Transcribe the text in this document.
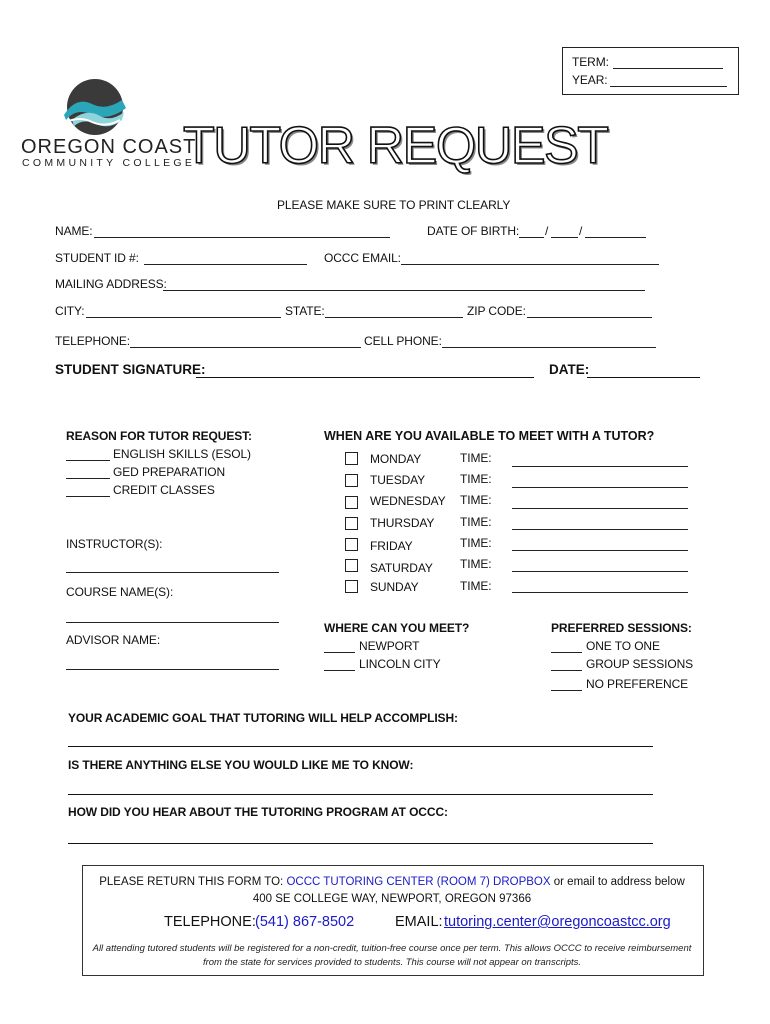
TERM:
YEAR:
OREGON COAST
COMMUNITY COLLEGE
TUTOR REQUEST
PLEASE MAKE SURE TO PRINT CLEARLY
NAME:	DATE OF BIRTH: /	/
STUDENT ID #:	OCCC EMAIL:
MAILING ADDRESS:
CITY:	STATE:	ZIP CODE:
TELEPHONE:	CELL PHONE:
STUDENT SIGNATURE:	DATE:
REASON FOR TUTOR REQUEST:
ENGLISH SKILLS (ESOL)
GED PREPARATION
CREDIT CLASSES
INSTRUCTOR(S):
COURSE NAME(S):
ADVISOR NAME:
WHEN ARE YOU AVAILABLE TO MEET WITH A TUTOR?
MONDAY	TIME:
TUESDAY	TIME:
WEDNESDAY TIME:
THURSDAY TIME:
FRIDAY	TIME:
SATURDAY TIME:
SUNDAY	TIME:
WHERE CAN YOU MEET?
NEWPORT
LINCOLN CITY
PREFERRED SESSIONS:
ONE TO ONE
GROUP SESSIONS
NO PREFERENCE
YOUR ACADEMIC GOAL THAT TUTORING WILL HELP ACCOMPLISH:
IS THERE ANYTHING ELSE YOU WOULD LIKE ME TO KNOW:
HOW DID YOU HEAR ABOUT THE TUTORING PROGRAM AT OCCC:
PLEASE RETURN THIS FORM TO: OCCC TUTORING CENTER (ROOM 7) DROPBOX or email to address below
400 SE COLLEGE WAY, NEWPORT, OREGON 97366
TELEPHONE: (541) 867-8502	EMAIL: tutoring.center@oregoncoastcc.org
All attending tutored students will be registered for a non-credit, tuition-free course once per term. This allows OCCC to receive reimbursement
from the state for services provided to students. This course will not appear on transcripts.
